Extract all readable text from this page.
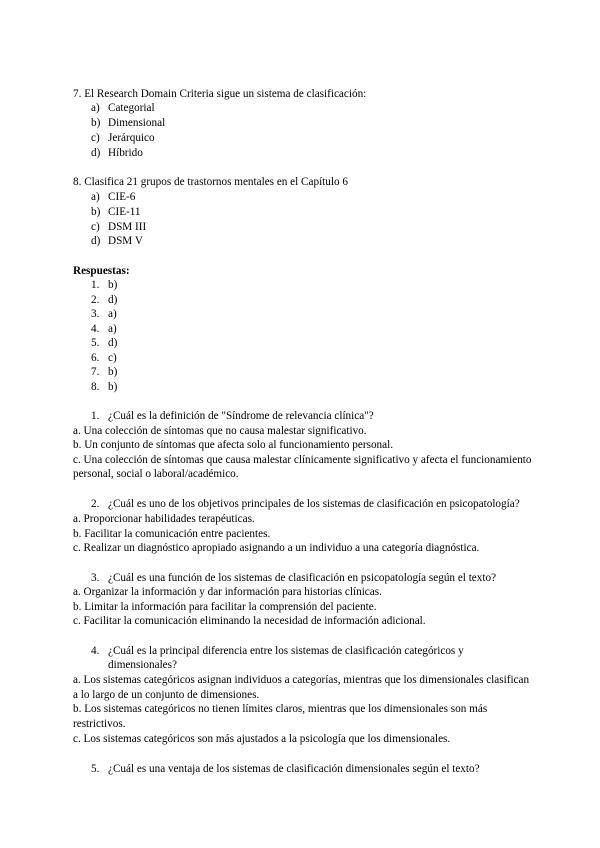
7. El Research Domain Criteria sigue un sistema de clasificación:
a) Categorial
b) Dimensional
c) Jerárquico
d) Híbrido
8. Clasifica 21 grupos de trastornos mentales en el Capítulo 6
a) CIE-6
b) CIE-11
c) DSM III
d) DSM V
Respuestas:
1. b)
2. d)
3. a)
4. a)
5. d)
6. c)
7. b)
8. b)
1. ¿Cuál es la definición de "Síndrome de relevancia clínica"?
a. Una colección de síntomas que no causa malestar significativo.
b. Un conjunto de síntomas que afecta solo al funcionamiento personal.
c. Una colección de síntomas que causa malestar clínicamente significativo y afecta el funcionamiento
personal, social o laboral/académico.
2. ¿Cuál es uno de los objetivos principales de los sistemas de clasificación en psicopatología?
a. Proporcionar habilidades terapéuticas.
b. Facilitar la comunicación entre pacientes.
c. Realizar un diagnóstico apropiado asignando a un individuo a una categoría diagnóstica.
3. ¿Cuál es una función de los sistemas de clasificación en psicopatología según el texto?
a. Organizar la información y dar información para historias clínicas.
b. Limitar la información para facilitar la comprensión del paciente.
c. Facilitar la comunicación eliminando la necesidad de información adicional.
4. ¿Cuál es la principal diferencia entre los sistemas de clasificación categóricos y
dimensionales?
a. Los sistemas categóricos asignan individuos a categorías, mientras que los dimensionales clasifican
a lo largo de un conjunto de dimensiones.
b. Los sistemas categóricos no tienen límites claros, mientras que los dimensionales son más
restrictivos.
c. Los sistemas categóricos son más ajustados a la psicología que los dimensionales.
5. ¿Cuál es una ventaja de los sistemas de clasificación dimensionales según el texto?
